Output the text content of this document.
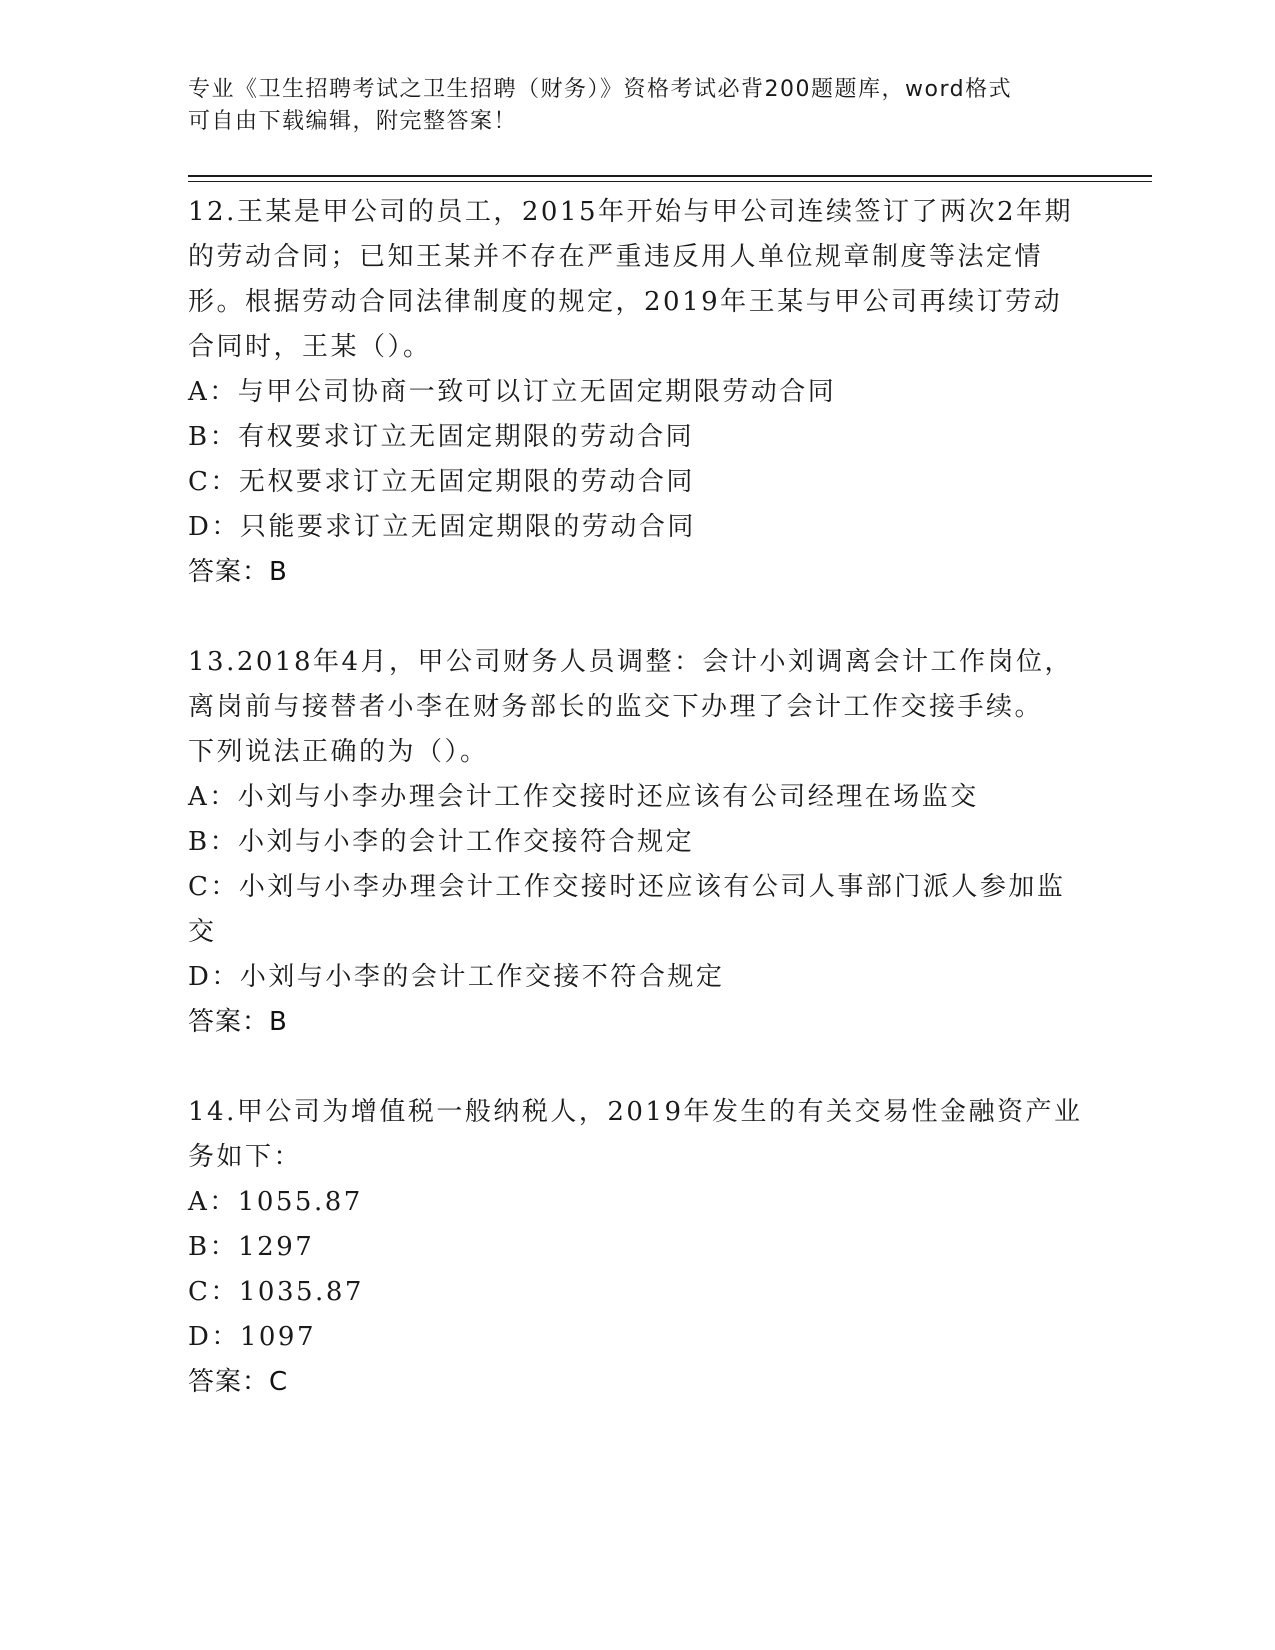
专业《卫生招聘考试之卫生招聘（财务）》资格考试必背200题题库，word格式
可自由下载编辑，附完整答案！
12.王某是甲公司的员工，2015年开始与甲公司连续签订了两次2年期
的劳动合同；已知王某并不存在严重违反用人单位规章制度等法定情
形。根据劳动合同法律制度的规定，2019年王某与甲公司再续订劳动
合同时，王某（）。
A：与甲公司协商一致可以订立无固定期限劳动合同
B：有权要求订立无固定期限的劳动合同
C：无权要求订立无固定期限的劳动合同
D：只能要求订立无固定期限的劳动合同
答案：B
13.2018年4月，甲公司财务人员调整：会计小刘调离会计工作岗位，
离岗前与接替者小李在财务部长的监交下办理了会计工作交接手续。
下列说法正确的为（）。
A：小刘与小李办理会计工作交接时还应该有公司经理在场监交
B：小刘与小李的会计工作交接符合规定
C：小刘与小李办理会计工作交接时还应该有公司人事部门派人参加监
交
D：小刘与小李的会计工作交接不符合规定
答案：B
14.甲公司为增值税一般纳税人，2019年发生的有关交易性金融资产业
务如下：
A：1055.87
B：1297
C：1035.87
D：1097
答案：C
